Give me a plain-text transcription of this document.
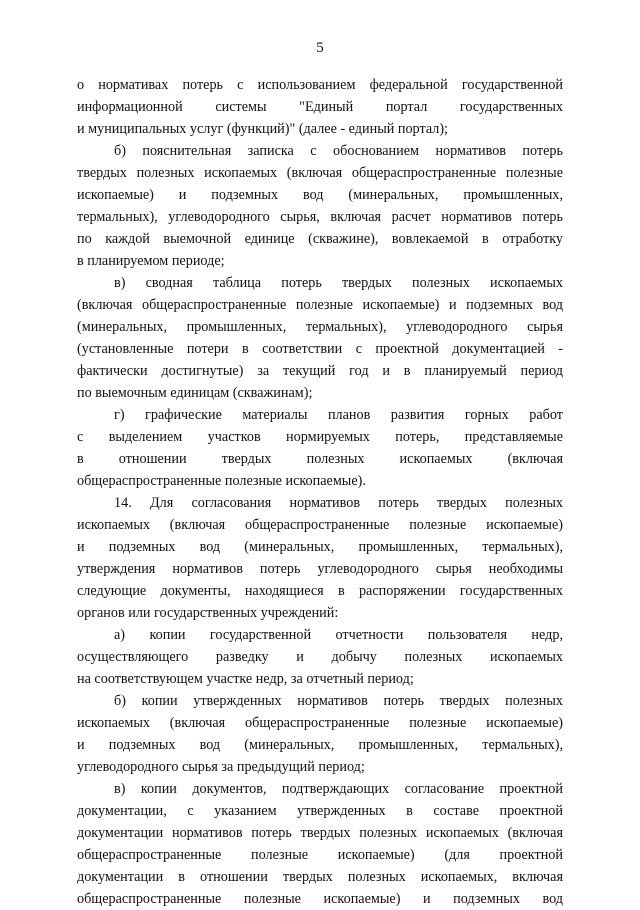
5
о нормативах потерь с использованием федеральной государственной
информационной системы "Единый портал государственных
и муниципальных услуг (функций)" (далее - единый портал);
б) пояснительная записка с обоснованием нормативов потерь
твердых полезных ископаемых (включая общераспространенные полезные
ископаемые) и подземных вод (минеральных, промышленных,
термальных), углеводородного сырья, включая расчет нормативов потерь
по каждой выемочной единице (скважине), вовлекаемой в отработку
в планируемом периоде;
в) сводная таблица потерь твердых полезных ископаемых
(включая общераспространенные полезные ископаемые) и подземных вод
(минеральных, промышленных, термальных), углеводородного сырья
(установленные потери в соответствии с проектной документацией -
фактически достигнутые) за текущий год и в планируемый период
по выемочным единицам (скважинам);
г) графические материалы планов развития горных работ
с выделением участков нормируемых потерь, представляемые
в отношении твердых полезных ископаемых (включая
общераспространенные полезные ископаемые).
14. Для согласования нормативов потерь твердых полезных
ископаемых (включая общераспространенные полезные ископаемые)
и подземных вод (минеральных, промышленных, термальных),
утверждения нормативов потерь углеводородного сырья необходимы
следующие документы, находящиеся в распоряжении государственных
органов или государственных учреждений:
а) копии государственной отчетности пользователя недр,
осуществляющего разведку и добычу полезных ископаемых
на соответствующем участке недр, за отчетный период;
б) копии утвержденных нормативов потерь твердых полезных
ископаемых (включая общераспространенные полезные ископаемые)
и подземных вод (минеральных, промышленных, термальных),
углеводородного сырья за предыдущий период;
в) копии документов, подтверждающих согласование проектной
документации, с указанием утвержденных в составе проектной
документации нормативов потерь твердых полезных ископаемых (включая
общераспространенные полезные ископаемые) (для проектной
документации в отношении твердых полезных ископаемых, включая
общераспространенные полезные ископаемые) и подземных вод
